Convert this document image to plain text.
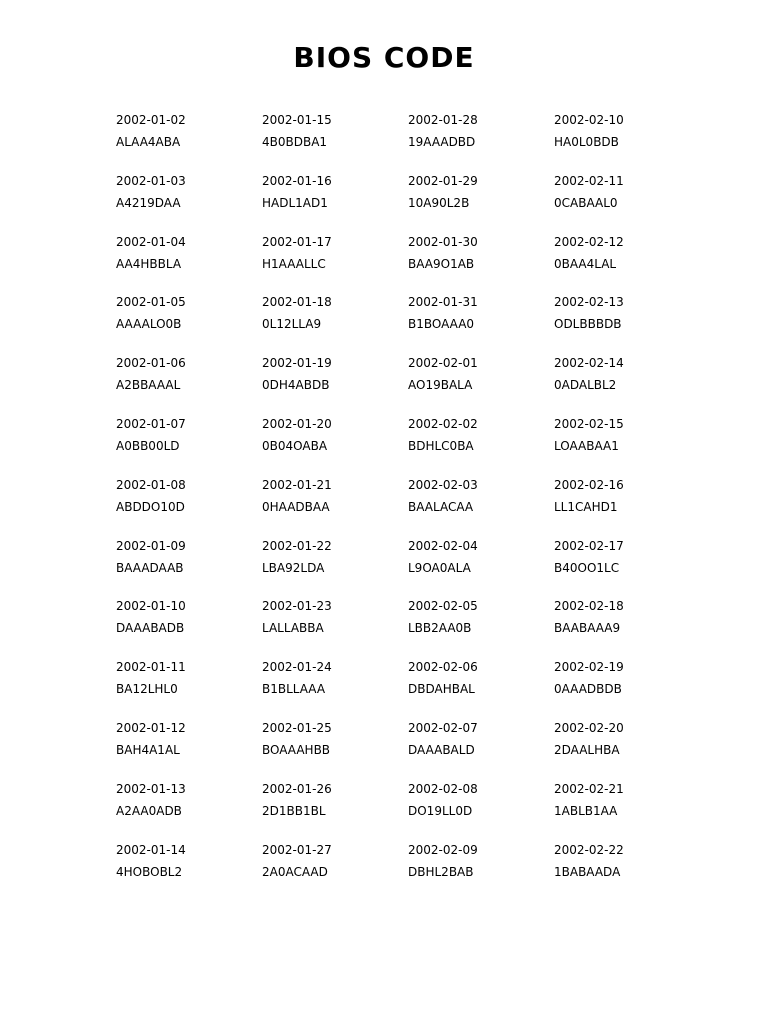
BIOS CODE
2002-01-02
ALAA4ABA
2002-01-15
4B0BDBA1
2002-01-28
19AAADBD
2002-02-10
HA0L0BDB
2002-01-03
A4219DAA
2002-01-16
HADL1AD1
2002-01-29
10A90L2B
2002-02-11
0CABAAL0
2002-01-04
AA4HBBLA
2002-01-17
H1AAALLC
2002-01-30
BAA9O1AB
2002-02-12
0BAA4LAL
2002-01-05
AAAALO0B
2002-01-18
0L12LLA9
2002-01-31
B1BOAAA0
2002-02-13
ODLBBBDB
2002-01-06
A2BBAAAL
2002-01-19
0DH4ABDB
2002-02-01
AO19BALA
2002-02-14
0ADALBL2
2002-01-07
A0BB00LD
2002-01-20
0B04OABA
2002-02-02
BDHLC0BA
2002-02-15
LOAABAA1
2002-01-08
ABDDO10D
2002-01-21
0HAADBAA
2002-02-03
BAALACAA
2002-02-16
LL1CAHD1
2002-01-09
BAAADAAB
2002-01-22
LBA92LDA
2002-02-04
L9OA0ALA
2002-02-17
B40OO1LC
2002-01-10
DAAABADB
2002-01-23
LALLABBA
2002-02-05
LBB2AA0B
2002-02-18
BAABAAA9
2002-01-11
BA12LHL0
2002-01-24
B1BLLAAA
2002-02-06
DBDAHBAL
2002-02-19
0AAADBDB
2002-01-12
BAH4A1AL
2002-01-25
BOAAAHBB
2002-02-07
DAAABALD
2002-02-20
2DAALHBA
2002-01-13
A2AA0ADB
2002-01-26
2D1BB1BL
2002-02-08
DO19LL0D
2002-02-21
1ABLB1AA
2002-01-14
4HOBOBL2
2002-01-27
2A0ACAAD
2002-02-09
DBHL2BAB
2002-02-22
1BABAADA
